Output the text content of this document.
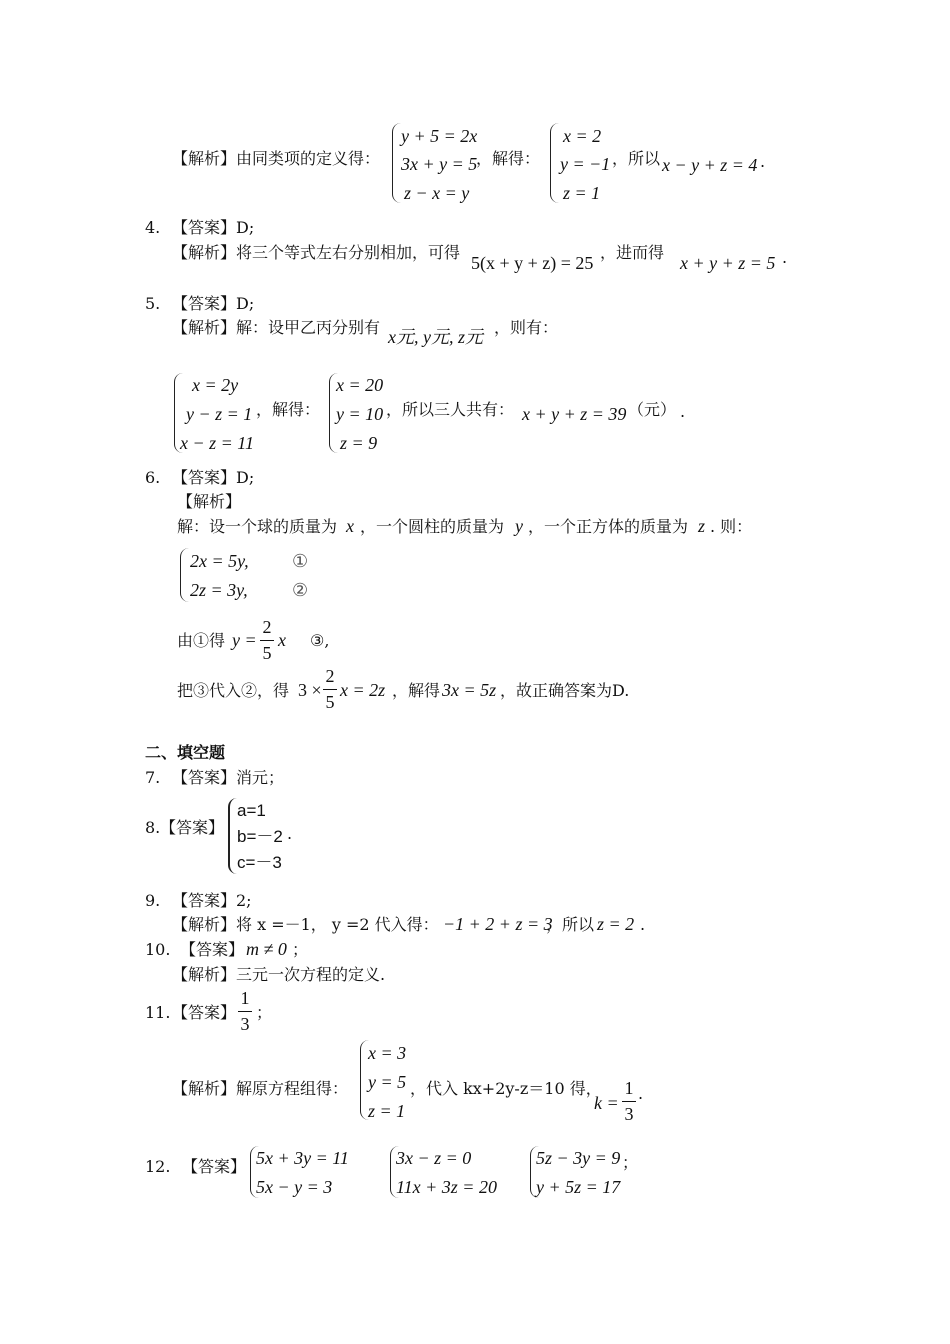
【解析】 由同类项的定义得：
y + 5 = 2x
3x + y = 5
z − x = y
，解得：
x = 2
y = −1
z = 1
，所以 x − y + z = 4 .
4. 【答案】 D;
【解析】 将三个等式左右分别相加，可得
5(x + y + z) = 25
，进而得
x + y + z = 5 .
5. 【答案】 D;
【解析】 解：设甲乙丙分别有 x元, y元, z元 ，则有：
x = 2y
y − z = 1
x − z = 11
，解得：
x = 20
y = 10
z = 9
，所以三人共有： x + y + z = 39 （元） .
6. 【答案】 D;
【解析】
解：设一个球的质量为 x ，一个圆柱的质量为 y ，一个正方体的质量为 z . 则：
2x = 5y,
2z = 3y,
①
②
由①得 y =
2
5
x ③,
把③代入②，得 3 ×
2
5
x = 2z ，解得 3x = 5z ，故正确答案为D.
二、填空题
7. 【答案】 消元；
8. 【答案】
a=1
b=－2
c=－3
.
9. 【答案】 2;
【解析】 将 x =－1， y =2 代入得： −1 + 2 + z = 3
，所以 z = 2 .
10. 【答案】 m ≠ 0 ；
【解析】 三元一次方程的定义.
11. 【答案】
1
3
；
【解析】 解原方程组得：
x = 3
y = 5
z = 1
，代入 kx+2y-z＝10 得，
k =
1
3
.
12. 【答案】 5x + 3y = 11
5x − y = 3
3x − z = 0
11x + 3z = 20
5z − 3y = 9
y + 5z = 17
；
